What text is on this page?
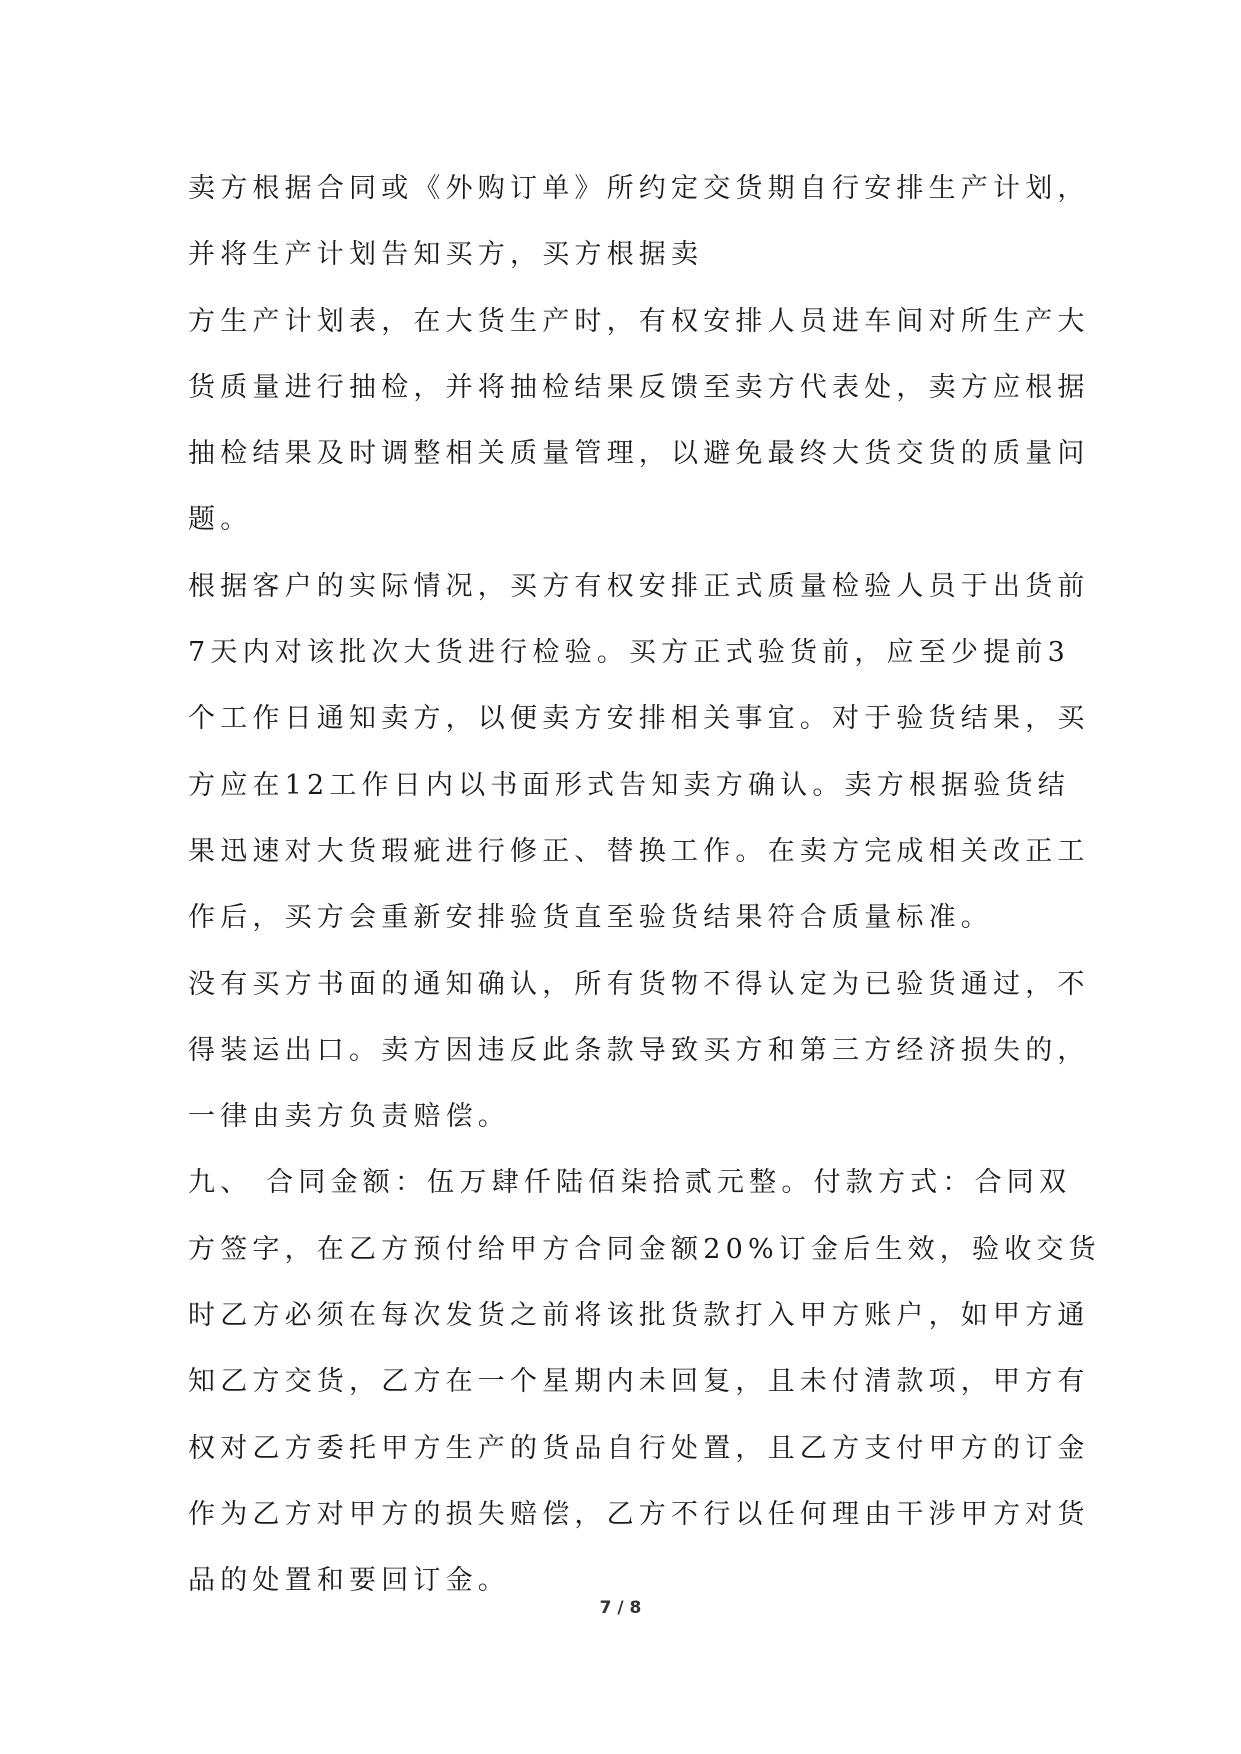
卖方根据合同或《外购订单》所约定交货期自行安排生产计划，
并将生产计划告知买方，买方根据卖
方生产计划表，在大货生产时，有权安排人员进车间对所生产大
货质量进行抽检，并将抽检结果反馈至卖方代表处，卖方应根据
抽检结果及时调整相关质量管理，以避免最终大货交货的质量问
题。
根据客户的实际情况，买方有权安排正式质量检验人员于出货前
7天内对该批次大货进行检验。买方正式验货前，应至少提前3
个工作日通知卖方，以便卖方安排相关事宜。对于验货结果，买
方应在12工作日内以书面形式告知卖方确认。卖方根据验货结
果迅速对大货瑕疵进行修正、替换工作。在卖方完成相关改正工
作后，买方会重新安排验货直至验货结果符合质量标准。
没有买方书面的通知确认，所有货物不得认定为已验货通过，不
得装运出口。卖方因违反此条款导致买方和第三方经济损失的，
一律由卖方负责赔偿。
九、 合同金额：伍万肆仟陆佰柒拾贰元整。付款方式：合同双
方签字，在乙方预付给甲方合同金额20%订金后生效，验收交货
时乙方必须在每次发货之前将该批货款打入甲方账户，如甲方通
知乙方交货，乙方在一个星期内未回复，且未付清款项，甲方有
权对乙方委托甲方生产的货品自行处置，且乙方支付甲方的订金
作为乙方对甲方的损失赔偿，乙方不行以任何理由干涉甲方对货
品的处置和要回订金。
7 / 8
